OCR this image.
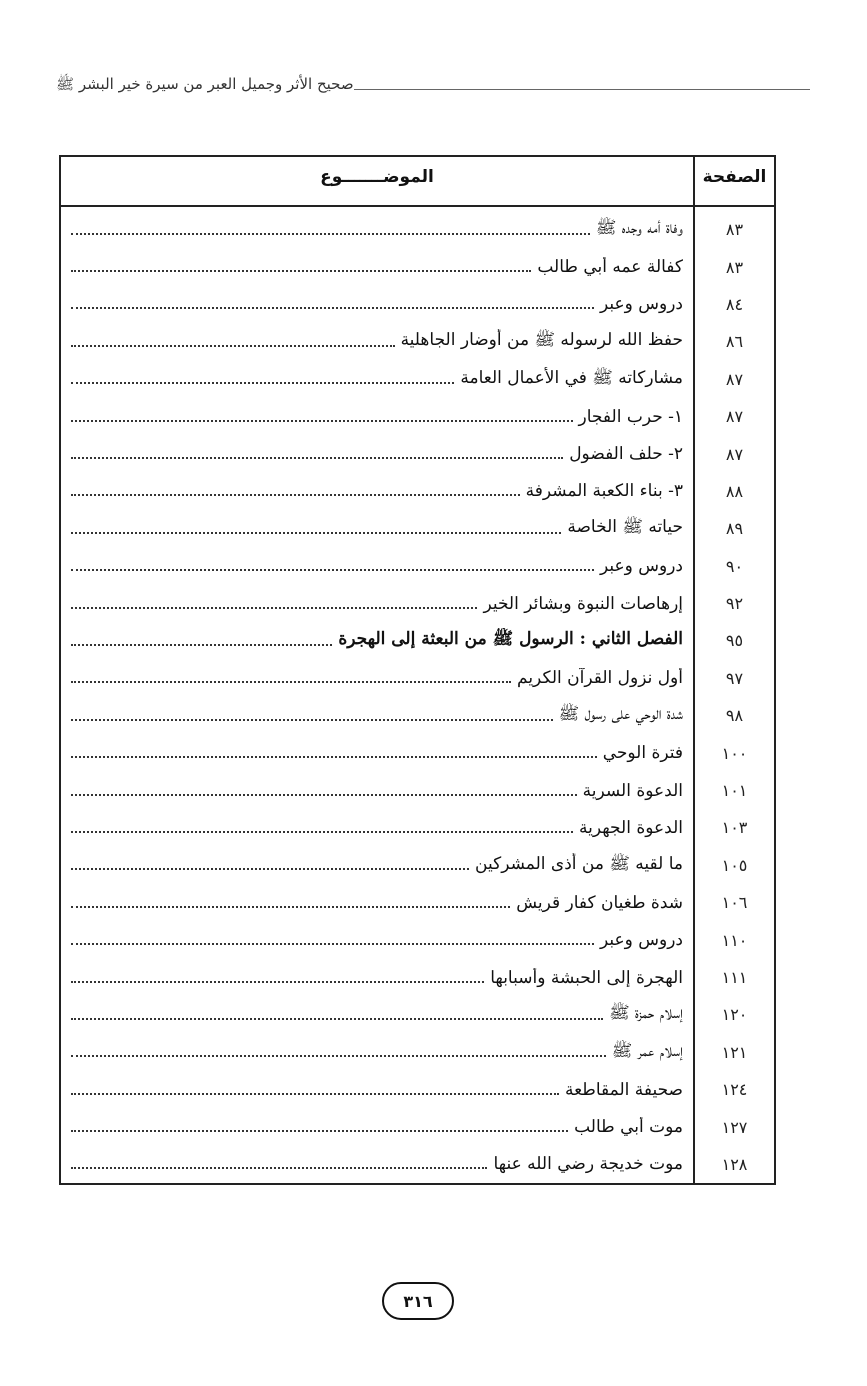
صحيح الأثر وجميل العبر من سيرة خير البشر ﷺ
الصفحة
الموضـــــــوع
٨٣
وفاة أمه وجده ﷺ
٨٣
كفالة عمه أبي طالب
٨٤
دروس وعبر
٨٦
حفظ الله لرسوله ﷺ من أوضار الجاهلية
٨٧
مشاركاته ﷺ في الأعمال العامة
٨٧
١- حرب الفجار
٨٧
٢- حلف الفضول
٨٨
٣- بناء الكعبة المشرفة
٨٩
حياته ﷺ الخاصة
٩٠
دروس وعبر
٩٢
إرهاصات النبوة وبشائر الخير
٩٥
الفصل الثاني : الرسول ﷺ من البعثة إلى الهجرة
٩٧
أول نزول القرآن الكريم
٩٨
شدة الوحي على رسول ﷺ
١٠٠
فترة الوحي
١٠١
الدعوة السرية
١٠٣
الدعوة الجهرية
١٠٥
ما لقيه ﷺ من أذى المشركين
١٠٦
شدة طغيان كفار قريش
١١٠
دروس وعبر
١١١
الهجرة إلى الحبشة وأسبابها
١٢٠
إسلام حمزة ﷺ
١٢١
إسلام عمر ﷺ
١٢٤
صحيفة المقاطعة
١٢٧
موت أبي طالب
١٢٨
موت خديجة رضي الله عنها
٣١٦
